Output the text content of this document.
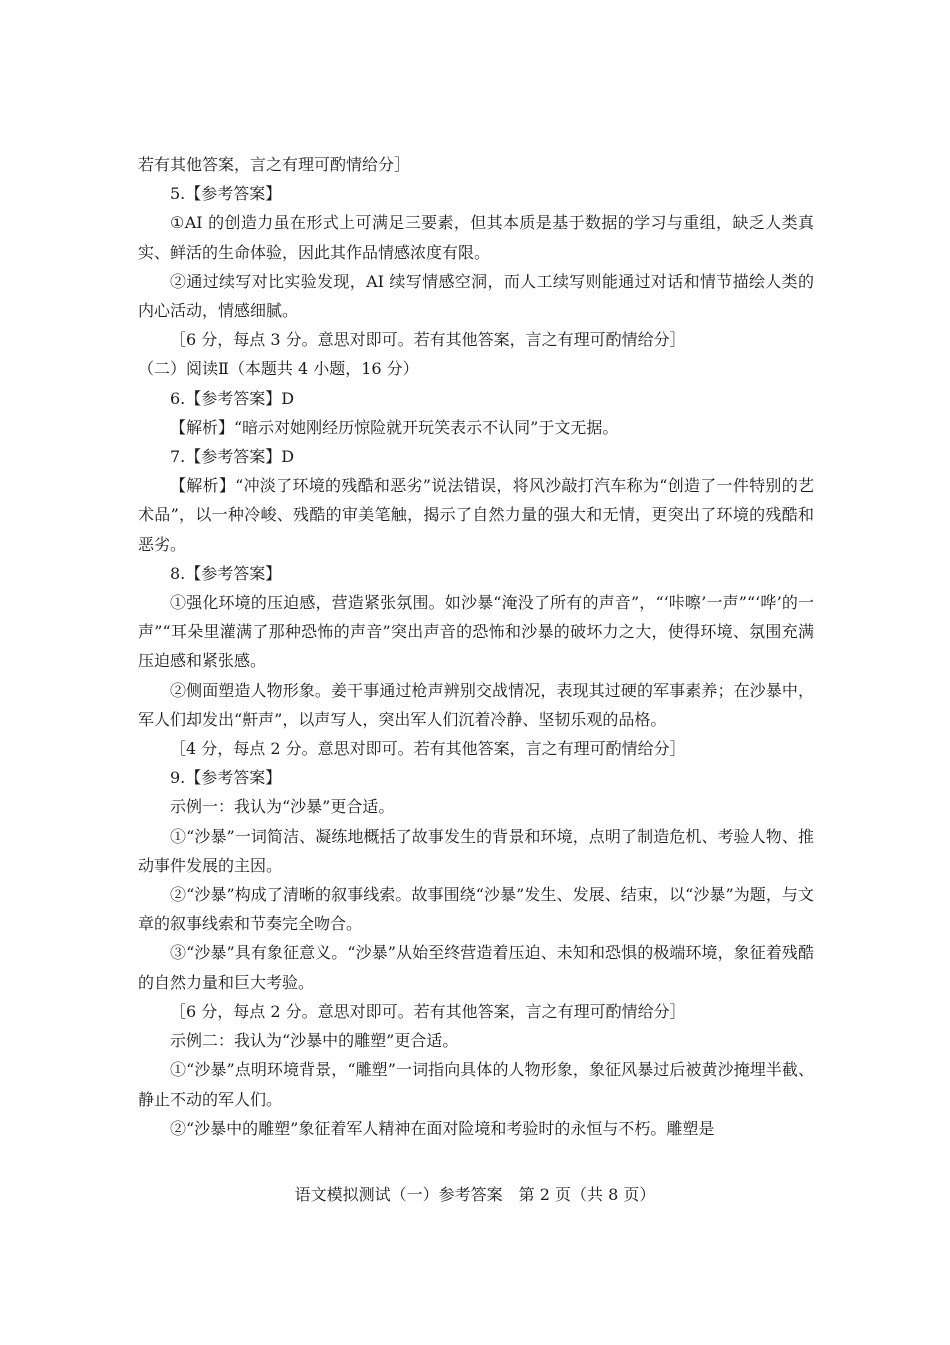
若有其他答案，言之有理可酌情给分］

5.【参考答案】

①AI 的创造力虽在形式上可满足三要素，但其本质是基于数据的学习与重组，缺乏人类真实、鲜活的生命体验，因此其作品情感浓度有限。

②通过续写对比实验发现，AI 续写情感空洞，而人工续写则能通过对话和情节描绘人类的内心活动，情感细腻。

［6 分，每点 3 分。意思对即可。若有其他答案，言之有理可酌情给分］

（二）阅读Ⅱ（本题共 4 小题，16 分）

6.【参考答案】D

【解析】“暗示对她刚经历惊险就开玩笑表示不认同”于文无据。

7.【参考答案】D

【解析】“冲淡了环境的残酷和恶劣”说法错误，将风沙敲打汽车称为“创造了一件特别的艺术品”，以一种冷峻、残酷的审美笔触，揭示了自然力量的强大和无情，更突出了环境的残酷和恶劣。

8.【参考答案】

①强化环境的压迫感，营造紧张氛围。如沙暴“淹没了所有的声音”，“‘咔嚓’一声”“‘哗’的一声”“耳朵里灌满了那种恐怖的声音”突出声音的恐怖和沙暴的破坏力之大，使得环境、氛围充满压迫感和紧张感。

②侧面塑造人物形象。姜干事通过枪声辨别交战情况，表现其过硬的军事素养；在沙暴中，军人们却发出“鼾声”，以声写人，突出军人们沉着冷静、坚韧乐观的品格。

［4 分，每点 2 分。意思对即可。若有其他答案，言之有理可酌情给分］

9.【参考答案】

示例一：我认为“沙暴”更合适。

①“沙暴”一词简洁、凝练地概括了故事发生的背景和环境，点明了制造危机、考验人物、推动事件发展的主因。

②“沙暴”构成了清晰的叙事线索。故事围绕“沙暴”发生、发展、结束，以“沙暴”为题，与文章的叙事线索和节奏完全吻合。

③“沙暴”具有象征意义。“沙暴”从始至终营造着压迫、未知和恐惧的极端环境，象征着残酷的自然力量和巨大考验。

［6 分，每点 2 分。意思对即可。若有其他答案，言之有理可酌情给分］

示例二：我认为“沙暴中的雕塑”更合适。

①“沙暴”点明环境背景，“雕塑”一词指向具体的人物形象，象征风暴过后被黄沙掩埋半截、静止不动的军人们。

②“沙暴中的雕塑”象征着军人精神在面对险境和考验时的永恒与不朽。雕塑是

语文模拟测试（一）参考答案　第 2 页（共 8 页）
